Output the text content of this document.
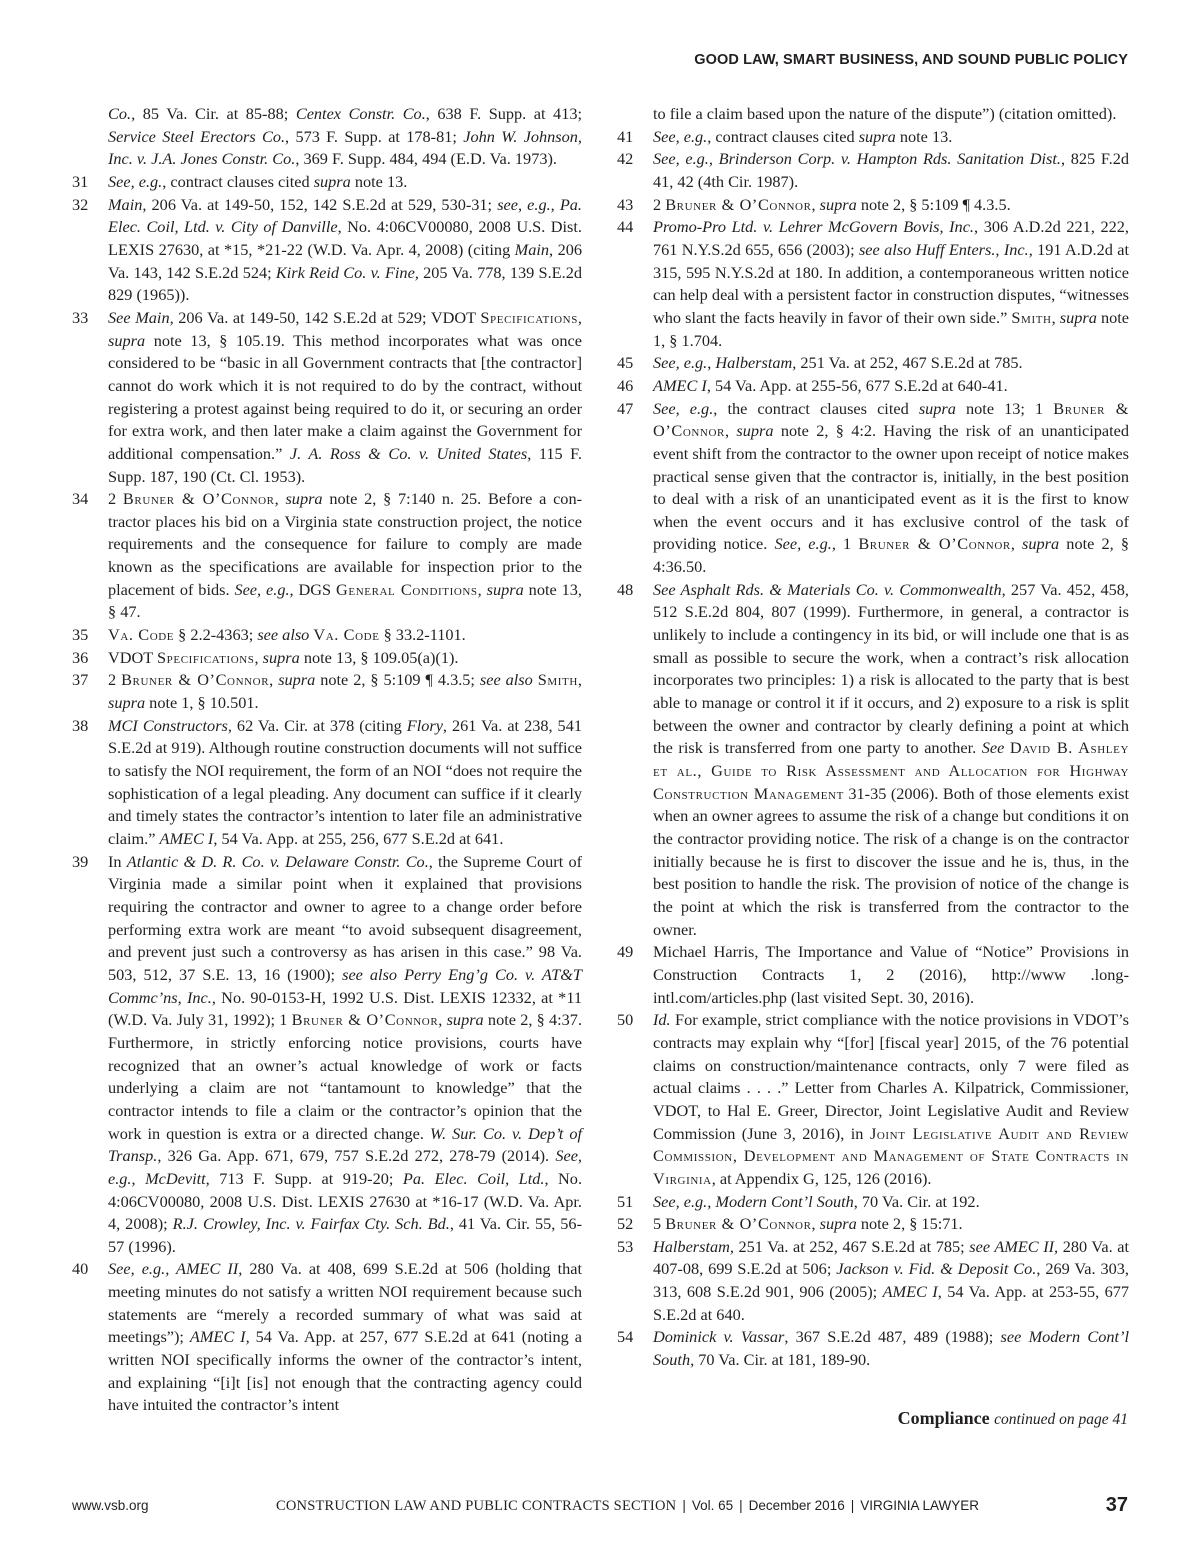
GOOD LAW, SMART BUSINESS, AND SOUND PUBLIC POLICY
Co., 85 Va. Cir. at 85-88; Centex Constr. Co., 638 F. Supp. at 413; Service Steel Erectors Co., 573 F. Supp. at 178-81; John W. Johnson, Inc. v. J.A. Jones Constr. Co., 369 F. Supp. 484, 494 (E.D. Va. 1973).
31	See, e.g., contract clauses cited supra note 13.
32	Main, 206 Va. at 149-50, 152, 142 S.E.2d at 529, 530-31; see, e.g., Pa. Elec. Coil, Ltd. v. City of Danville, No. 4:06CV00080, 2008 U.S. Dist. LEXIS 27630, at *15, *21-22 (W.D. Va. Apr. 4, 2008) (citing Main, 206 Va. 143, 142 S.E.2d 524; Kirk Reid Co. v. Fine, 205 Va. 778, 139 S.E.2d 829 (1965)).
33	See Main, 206 Va. at 149-50, 142 S.E.2d at 529; VDOT Specifications, supra note 13, § 105.19. This method incorporates what was once considered to be “basic in all Government contracts that [the contractor] cannot do work which it is not required to do by the contract, without registering a protest against being required to do it, or securing an order for extra work, and then later make a claim against the Government for additional compensation.” J. A. Ross & Co. v. United States, 115 F. Supp. 187, 190 (Ct. Cl. 1953).
34	2 Bruner & O’Connor, supra note 2, § 7:140 n. 25. Before a contractor places his bid on a Virginia state construction project, the notice requirements and the consequence for failure to comply are made known as the specifications are available for inspection prior to the placement of bids. See, e.g., DGS General Conditions, supra note 13, § 47.
35	Va. Code § 2.2-4363; see also Va. Code § 33.2-1101.
36	VDOT Specifications, supra note 13, § 109.05(a)(1).
37	2 Bruner & O’Connor, supra note 2, § 5:109 ¶ 4.3.5; see also Smith, supra note 1, § 10.501.
38	MCI Constructors, 62 Va. Cir. at 378 (citing Flory, 261 Va. at 238, 541 S.E.2d at 919). Although routine construction documents will not suffice to satisfy the NOI requirement, the form of an NOI “does not require the sophistication of a legal pleading. Any document can suffice if it clearly and timely states the contractor’s intention to later file an administrative claim.” AMEC I, 54 Va. App. at 255, 256, 677 S.E.2d at 641.
39	In Atlantic & D. R. Co. v. Delaware Constr. Co., the Supreme Court of Virginia made a similar point when it explained that provisions requiring the contractor and owner to agree to a change order before performing extra work are meant “to avoid subsequent disagreement, and prevent just such a controversy as has arisen in this case.” 98 Va. 503, 512, 37 S.E. 13, 16 (1900); see also Perry Eng’g Co. v. AT&T Commc’ns, Inc., No. 90-0153-H, 1992 U.S. Dist. LEXIS 12332, at *11 (W.D. Va. July 31, 1992); 1 Bruner & O’Connor, supra note 2, § 4:37. Furthermore, in strictly enforcing notice provisions, courts have recognized that an owner’s actual knowledge of work or facts underlying a claim are not “tantamount to knowledge” that the contractor intends to file a claim or the contractor’s opinion that the work in question is extra or a directed change. W. Sur. Co. v. Dep’t of Transp., 326 Ga. App. 671, 679, 757 S.E.2d 272, 278-79 (2014). See, e.g., McDevitt, 713 F. Supp. at 919-20; Pa. Elec. Coil, Ltd., No. 4:06CV00080, 2008 U.S. Dist. LEXIS 27630 at *16-17 (W.D. Va. Apr. 4, 2008); R.J. Crowley, Inc. v. Fairfax Cty. Sch. Bd., 41 Va. Cir. 55, 56-57 (1996).
40	See, e.g., AMEC II, 280 Va. at 408, 699 S.E.2d at 506 (holding that meeting minutes do not satisfy a written NOI requirement because such statements are “merely a recorded summary of what was said at meetings”); AMEC I, 54 Va. App. at 257, 677 S.E.2d at 641 (noting a written NOI specifically informs the owner of the contractor’s intent, and explaining “[i]t [is] not enough that the contracting agency could have intuited the contractor’s intent
to file a claim based upon the nature of the dispute”) (citation omitted).
41	See, e.g., contract clauses cited supra note 13.
42	See, e.g., Brinderson Corp. v. Hampton Rds. Sanitation Dist., 825 F.2d 41, 42 (4th Cir. 1987).
43	2 Bruner & O’Connor, supra note 2, § 5:109 ¶ 4.3.5.
44	Promo-Pro Ltd. v. Lehrer McGovern Bovis, Inc., 306 A.D.2d 221, 222, 761 N.Y.S.2d 655, 656 (2003); see also Huff Enters., Inc., 191 A.D.2d at 315, 595 N.Y.S.2d at 180. In addition, a contemporaneous written notice can help deal with a persistent factor in construction disputes, “witnesses who slant the facts heavily in favor of their own side.” Smith, supra note 1, § 1.704.
45	See, e.g., Halberstam, 251 Va. at 252, 467 S.E.2d at 785.
46	AMEC I, 54 Va. App. at 255-56, 677 S.E.2d at 640-41.
47	See, e.g., the contract clauses cited supra note 13; 1 Bruner & O’Connor, supra note 2, § 4:2. Having the risk of an unanticipated event shift from the contractor to the owner upon receipt of notice makes practical sense given that the contractor is, initially, in the best position to deal with a risk of an unanticipated event as it is the first to know when the event occurs and it has exclusive control of the task of providing notice. See, e.g., 1 Bruner & O’Connor, supra note 2, § 4:36.50.
48	See Asphalt Rds. & Materials Co. v. Commonwealth, 257 Va. 452, 458, 512 S.E.2d 804, 807 (1999). Furthermore, in general, a contractor is unlikely to include a contingency in its bid, or will include one that is as small as possible to secure the work, when a contract’s risk allocation incorporates two principles: 1) a risk is allocated to the party that is best able to manage or control it if it occurs, and 2) exposure to a risk is split between the owner and contractor by clearly defining a point at which the risk is transferred from one party to another. See David B. Ashley et al., Guide to Risk Assessment and Allocation for Highway Construction Management 31-35 (2006). Both of those elements exist when an owner agrees to assume the risk of a change but conditions it on the contractor providing notice. The risk of a change is on the contractor initially because he is first to discover the issue and he is, thus, in the best position to handle the risk. The provision of notice of the change is the point at which the risk is transferred from the contractor to the owner.
49	Michael Harris, The Importance and Value of “Notice” Provisions in Construction Contracts 1, 2 (2016), http://www .long-intl.com/articles.php (last visited Sept. 30, 2016).
50	Id. For example, strict compliance with the notice provisions in VDOT’s contracts may explain why “[for] [fiscal year] 2015, of the 76 potential claims on construction/maintenance contracts, only 7 were filed as actual claims . . . .” Letter from Charles A. Kilpatrick, Commissioner, VDOT, to Hal E. Greer, Director, Joint Legislative Audit and Review Commission (June 3, 2016), in Joint Legislative Audit and Review Commission, Development and Management of State Contracts in Virginia, at Appendix G, 125, 126 (2016).
51	See, e.g., Modern Cont’l South, 70 Va. Cir. at 192.
52	5 Bruner & O’Connor, supra note 2, § 15:71.
53	Halberstam, 251 Va. at 252, 467 S.E.2d at 785; see AMEC II, 280 Va. at 407-08, 699 S.E.2d at 506; Jackson v. Fid. & Deposit Co., 269 Va. 303, 313, 608 S.E.2d 901, 906 (2005); AMEC I, 54 Va. App. at 253-55, 677 S.E.2d at 640.
54	Dominick v. Vassar, 367 S.E.2d 487, 489 (1988); see Modern Cont’l South, 70 Va. Cir. at 181, 189-90.
Compliance continued on page 41
www.vsb.org	CONSTRUCTION LAW AND PUBLIC CONTRACTS SECTION | Vol. 65 | December 2016 | VIRGINIA LAWYER	37
